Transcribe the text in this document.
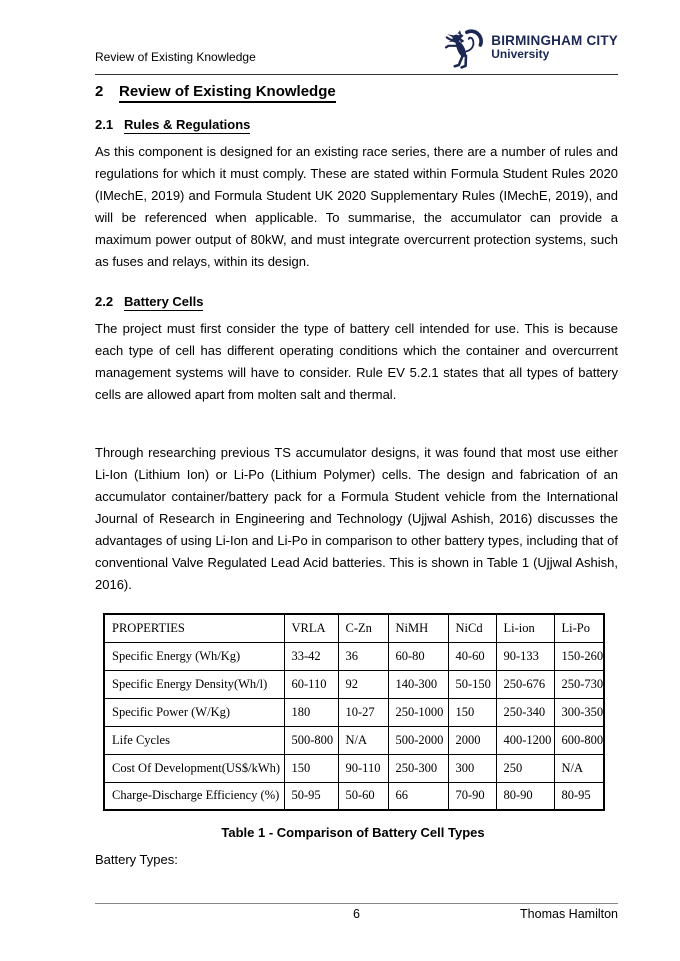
Review of Existing Knowledge
BIRMINGHAM CITY
University
2 Review of Existing Knowledge
2.1 Rules & Regulations

As this component is designed for an existing race series, there are a number of rules and regulations for which it must comply. These are stated within Formula Student Rules 2020 (IMechE, 2019) and Formula Student UK 2020 Supplementary Rules (IMechE, 2019), and will be referenced when applicable. To summarise, the accumulator can provide a maximum power output of 80kW, and must integrate overcurrent protection systems, such as fuses and relays, within its design.

2.2 Battery Cells

The project must first consider the type of battery cell intended for use. This is because each type of cell has different operating conditions which the container and overcurrent management systems will have to consider. Rule EV 5.2.1 states that all types of battery cells are allowed apart from molten salt and thermal.

Through researching previous TS accumulator designs, it was found that most use either Li-Ion (Lithium Ion) or Li-Po (Lithium Polymer) cells. The design and fabrication of an accumulator container/battery pack for a Formula Student vehicle from the International Journal of Research in Engineering and Technology (Ujjwal Ashish, 2016) discusses the advantages of using Li-Ion and Li-Po in comparison to other battery types, including that of conventional Valve Regulated Lead Acid batteries. This is shown in Table 1 (Ujjwal Ashish, 2016).

PROPERTIES	VRLA	C-Zn	NiMH	NiCd	Li-ion	Li-Po
Specific Energy (Wh/Kg)	33-42	36	60-80	40-60	90-133	150-260
Specific Energy Density(Wh/l)	60-110	92	140-300	50-150	250-676	250-730
Specific Power (W/Kg)	180	10-27	250-1000	150	250-340	300-350
Life Cycles	500-800	N/A	500-2000	2000	400-1200	600-800
Cost Of Development(US$/kWh)	150	90-110	250-300	300	250	N/A
Charge-Discharge Efficiency (%)	50-95	50-60	66	70-90	80-90	80-95
Table 1 - Comparison of Battery Cell Types

Battery Types:

6	Thomas Hamilton
